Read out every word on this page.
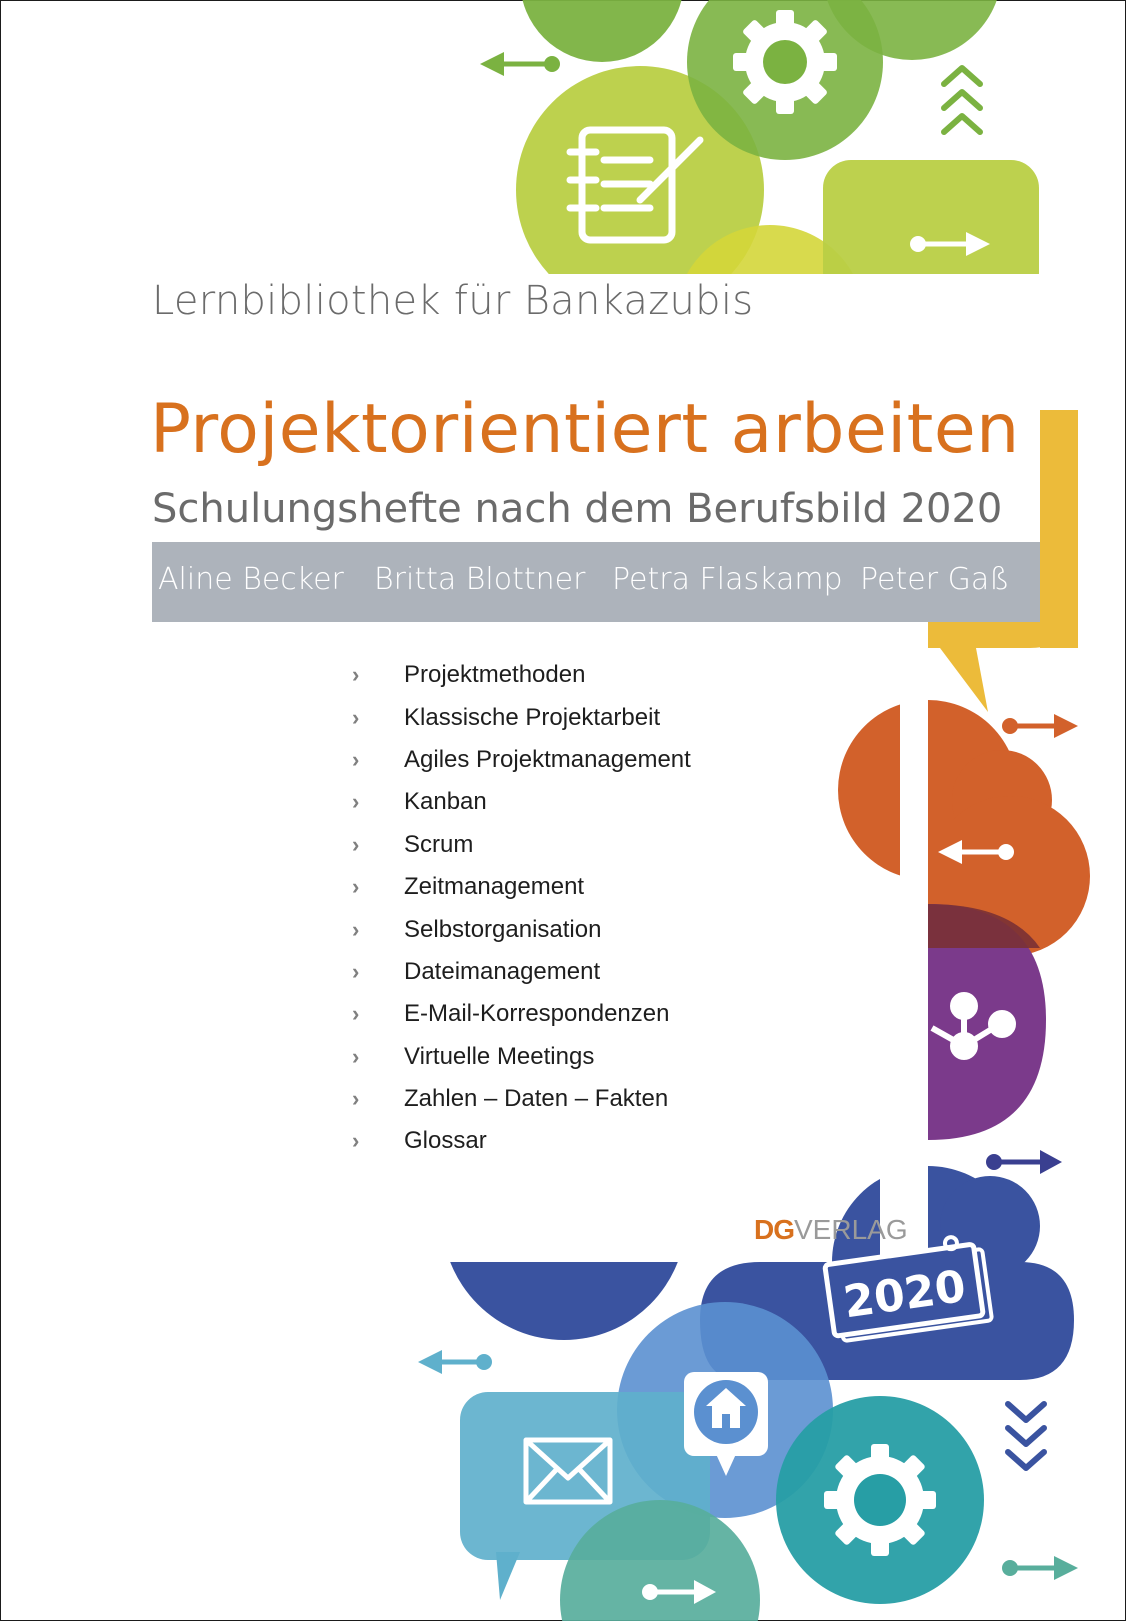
2020
Lernbibliothek für Bankazubis
Projektorientiert arbeiten
Schulungshefte nach dem Berufsbild 2020
Aline Becker Britta Blottner Petra Flaskamp Peter Gaß
›	Projektmethoden
›	Klassische Projektarbeit
›	Agiles Projektmanagement
›	Kanban
›	Scrum
›	Zeitmanagement
›	Selbstorganisation
›	Dateimanagement
›	E-Mail-Korrespondenzen
›	Virtuelle Meetings
›	Zahlen – Daten – Fakten
›	Glossar
DGVERLAG
